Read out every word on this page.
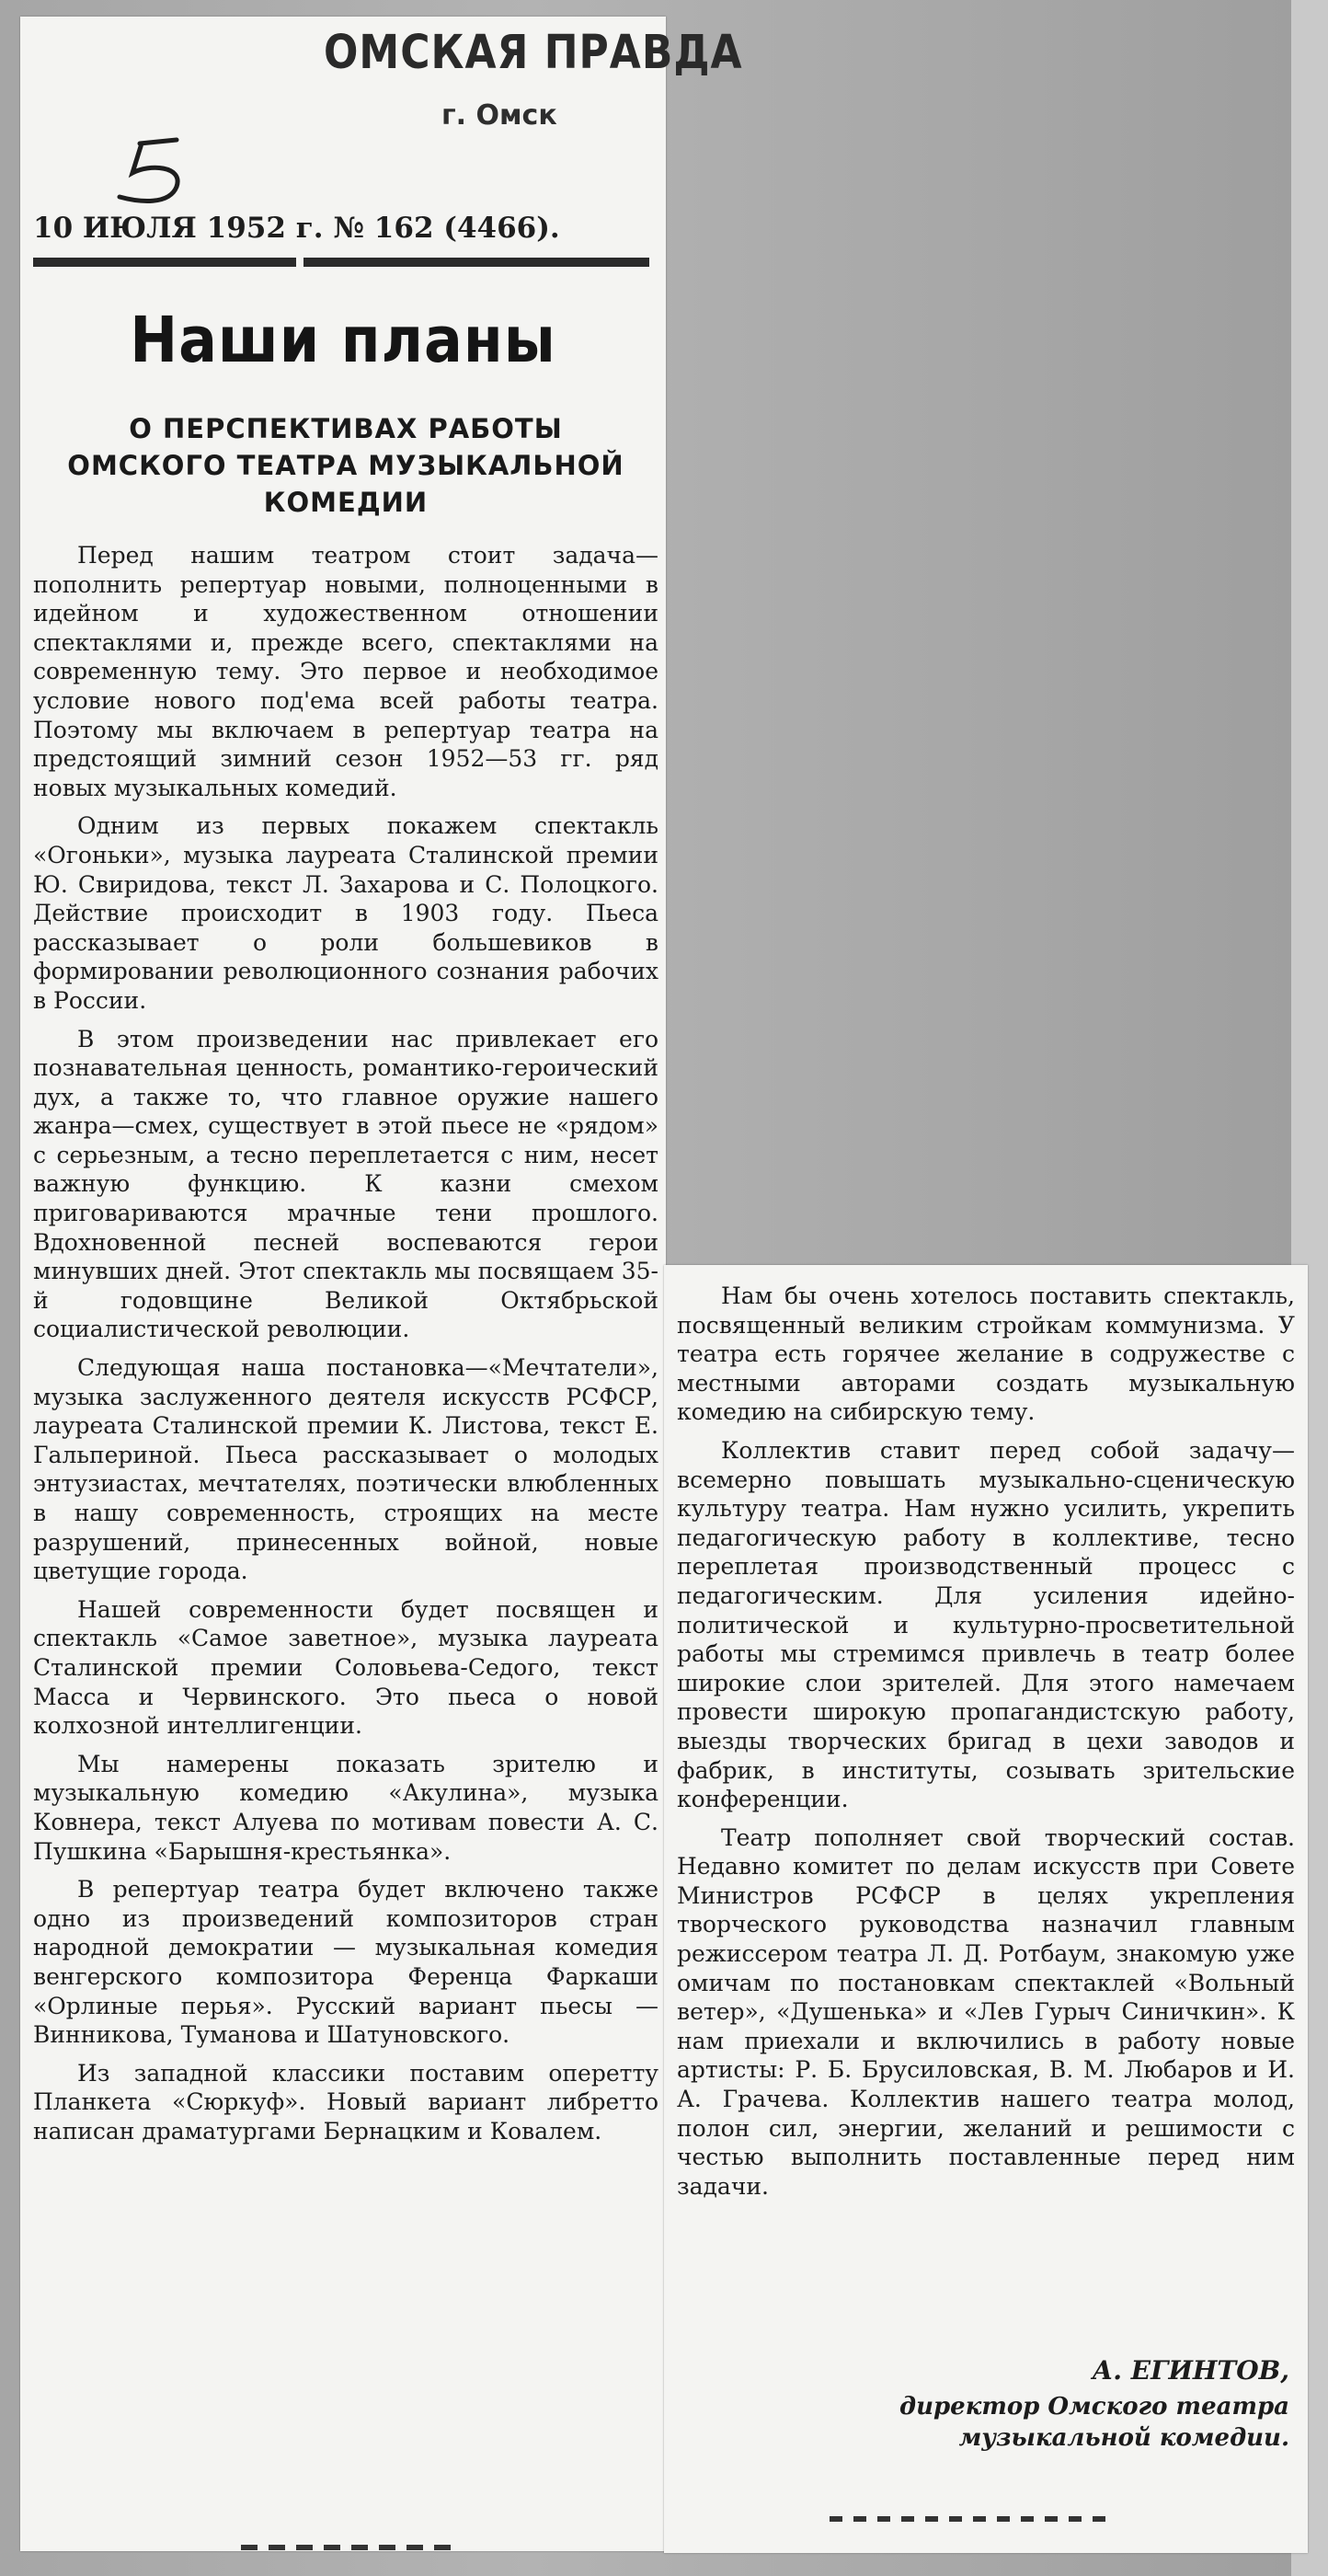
ОМСКАЯ ПРАВДА
г. Омск
10 ИЮЛЯ 1952 г. № 162 (4466).
Наши планы
О ПЕРСПЕКТИВАХ РАБОТЫ
ОМСКОГО ТЕАТРА МУЗЫКАЛЬНОЙ
КОМЕДИИ

Перед нашим театром стоит задача—пополнить репертуар новыми, полноценными в идейном и художественном отношении спектаклями и, прежде всего, спектаклями на современную тему. Это первое и необходимое условие нового под'ема всей работы театра. Поэтому мы включаем в репертуар театра на предстоящий зимний сезон 1952—53 гг. ряд новых музыкальных комедий.

Одним из первых покажем спектакль «Огоньки», музыка лауреата Сталинской премии Ю. Свиридова, текст Л. Захарова и С. Полоцкого. Действие происходит в 1903 году. Пьеса рассказывает о роли большевиков в формировании революционного сознания рабочих в России.

В этом произведении нас привлекает его познавательная ценность, романтико-героический дух, а также то, что главное оружие нашего жанра—смех, существует в этой пьесе не «рядом» с серьезным, а тесно переплетается с ним, несет важную функцию. К казни смехом приговариваются мрачные тени прошлого. Вдохновенной песней воспеваются герои минувших дней. Этот спектакль мы посвящаем 35-й годовщине Великой Октябрьской социалистической революции.

Следующая наша постановка—«Мечтатели», музыка заслуженного деятеля искусств РСФСР, лауреата Сталинской премии К. Листова, текст Е. Гальпериной. Пьеса рассказывает о молодых энтузиастах, мечтателях, поэтически влюбленных в нашу современность, строящих на месте разрушений, принесенных войной, новые цветущие города.

Нашей современности будет посвящен и спектакль «Самое заветное», музыка лауреата Сталинской премии Соловьева-Седого, текст Масса и Червинского. Это пьеса о новой колхозной интеллигенции.

Мы намерены показать зрителю и музыкальную комедию «Акулина», музыка Ковнера, текст Алуева по мотивам повести А. С. Пушкина «Барышня-крестьянка».

В репертуар театра будет включено также одно из произведений композиторов стран народной демократии — музыкальная комедия венгерского композитора Ференца Фаркаши «Орлиные перья». Русский вариант пьесы — Винникова, Туманова и Шатуновского.

Из западной классики поставим оперетту Планкета «Сюркуф». Новый вариант либретто написан драматургами Бернацким и Ковалем.

Нам бы очень хотелось поставить спектакль, посвященный великим стройкам коммунизма. У театра есть горячее желание в содружестве с местными авторами создать музыкальную комедию на сибирскую тему.

Коллектив ставит перед собой задачу—всемерно повышать музыкально-сценическую культуру театра. Нам нужно усилить, укрепить педагогическую работу в коллективе, тесно переплетая производственный процесс с педагогическим. Для усиления идейно-политической и культурно-просветительной работы мы стремимся привлечь в театр более широкие слои зрителей. Для этого намечаем провести широкую пропагандистскую работу, выезды творческих бригад в цехи заводов и фабрик, в институты, созывать зрительские конференции.

Театр пополняет свой творческий состав. Недавно комитет по делам искусств при Совете Министров РСФСР в целях укрепления творческого руководства назначил главным режиссером театра Л. Д. Ротбаум, знакомую уже омичам по постановкам спектаклей «Вольный ветер», «Душенька» и «Лев Гурыч Синичкин». К нам приехали и включились в работу новые артисты: Р. Б. Брусиловская, В. М. Любаров и И. А. Грачева. Коллектив нашего театра молод, полон сил, энергии, желаний и решимости с честью выполнить поставленные перед ним задачи.

А. ЕГИНТОВ,
директор Омского театра
музыкальной комедии.
